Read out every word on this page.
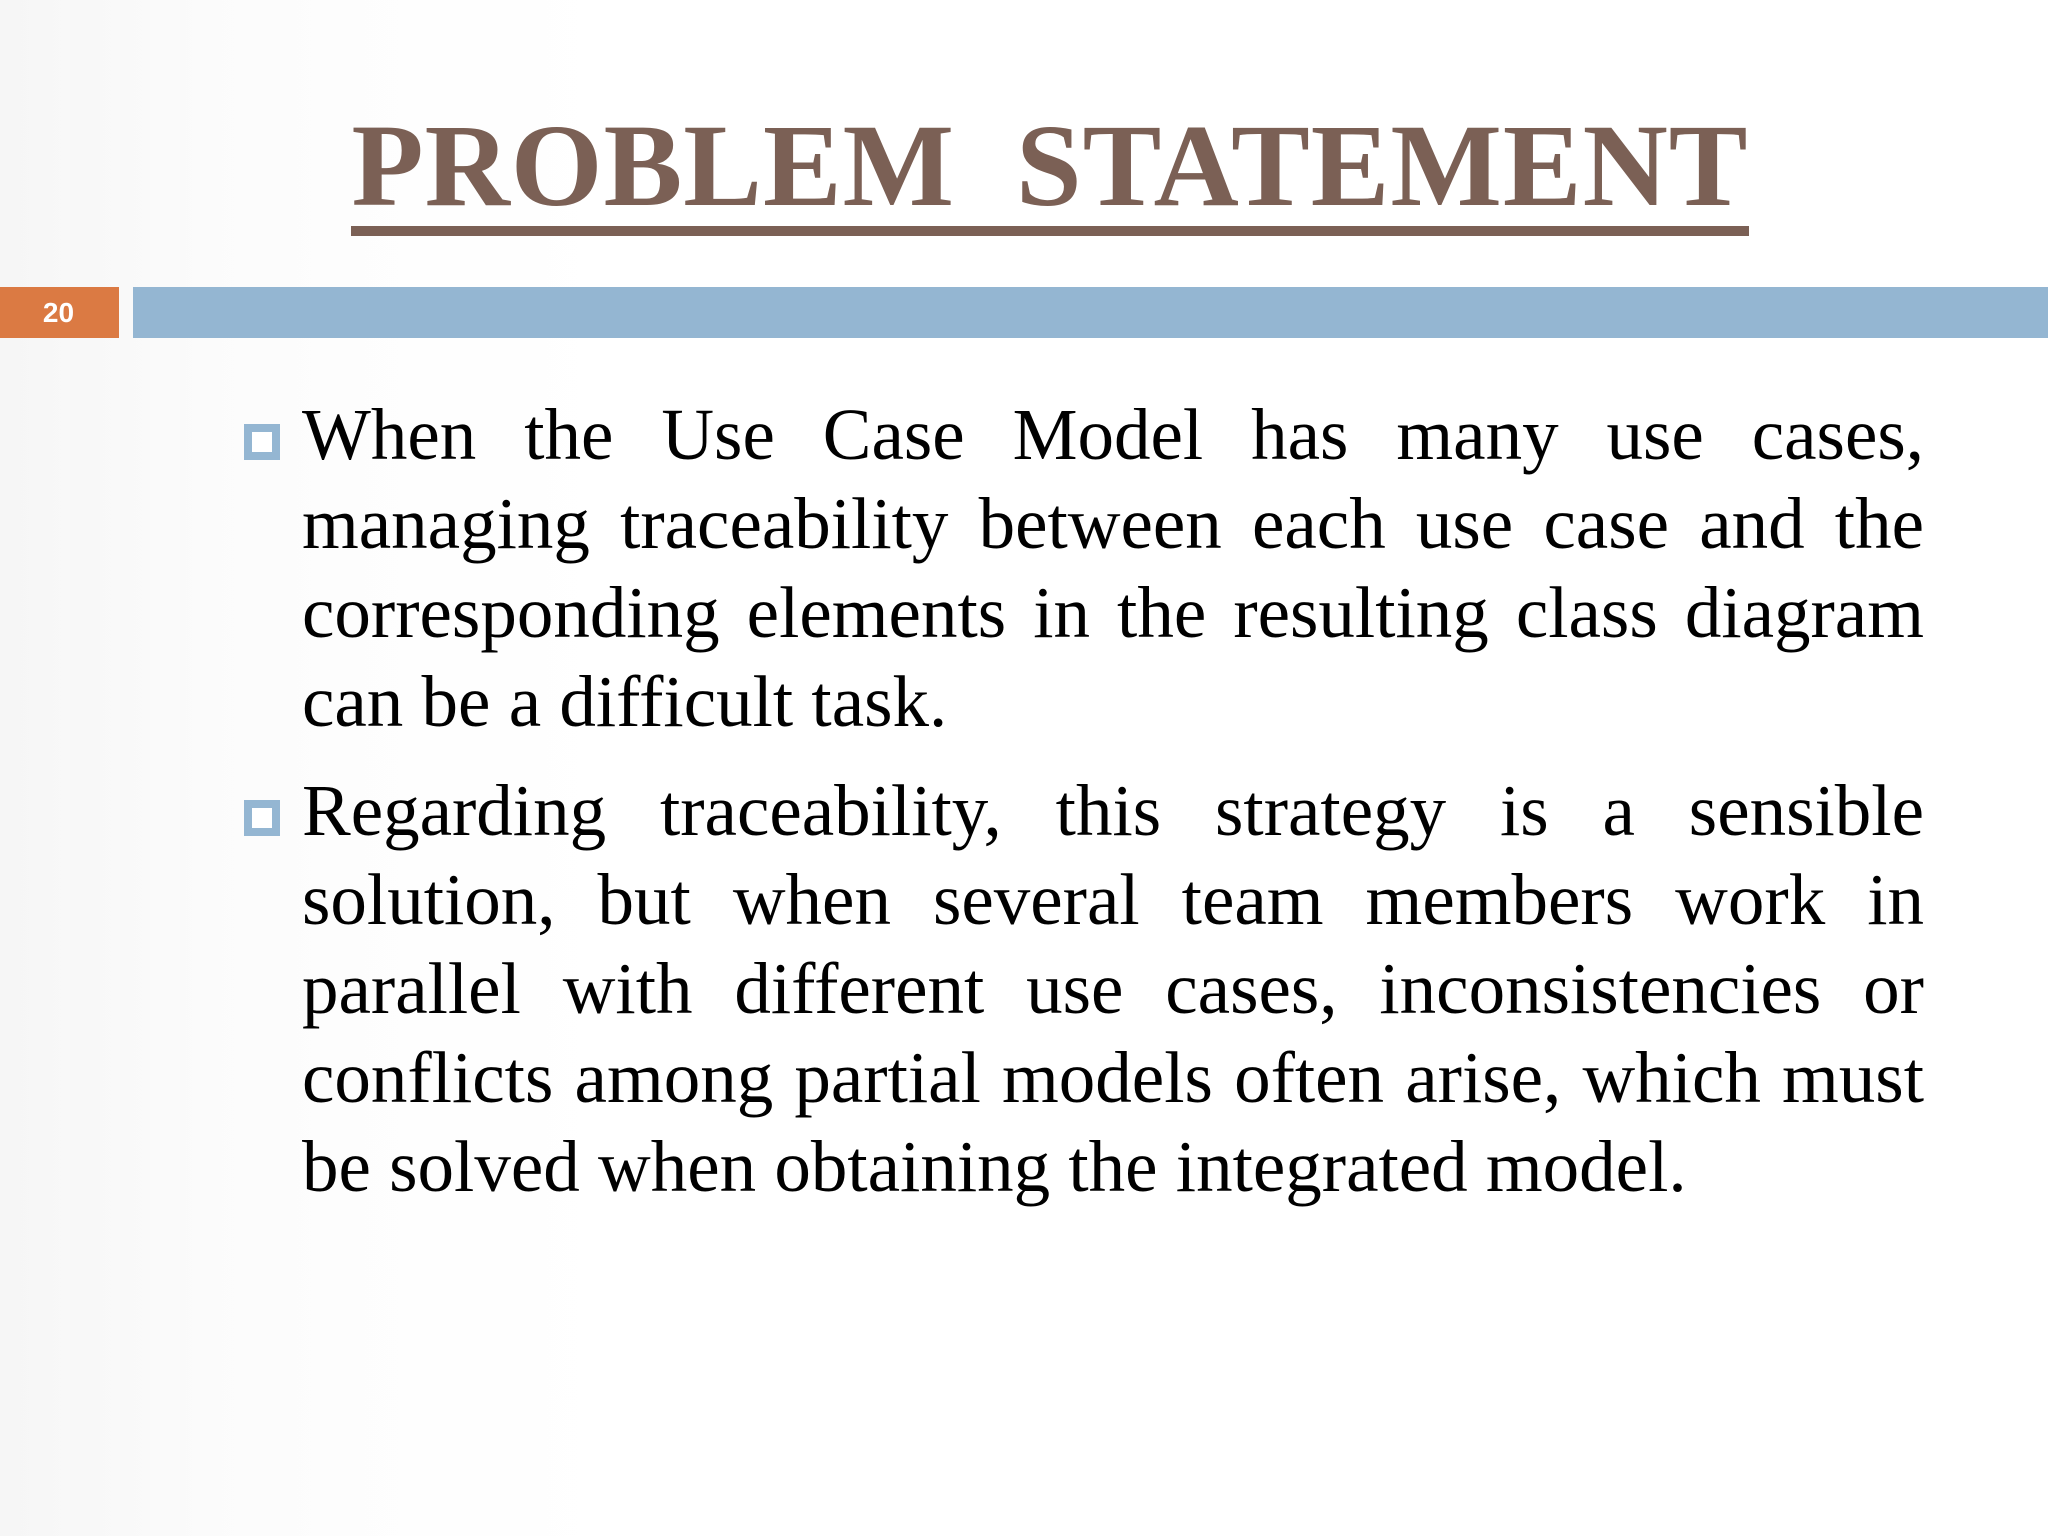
PROBLEM  STATEMENT
20
When the Use Case Model has many use cases, managing traceability between each use case and the corresponding elements in the resulting class diagram can be a difficult task.
Regarding traceability, this strategy is a sensible solution, but when several team members work in parallel with different use cases, inconsistencies or conflicts among partial models often arise, which must be solved when obtaining the integrated model.
